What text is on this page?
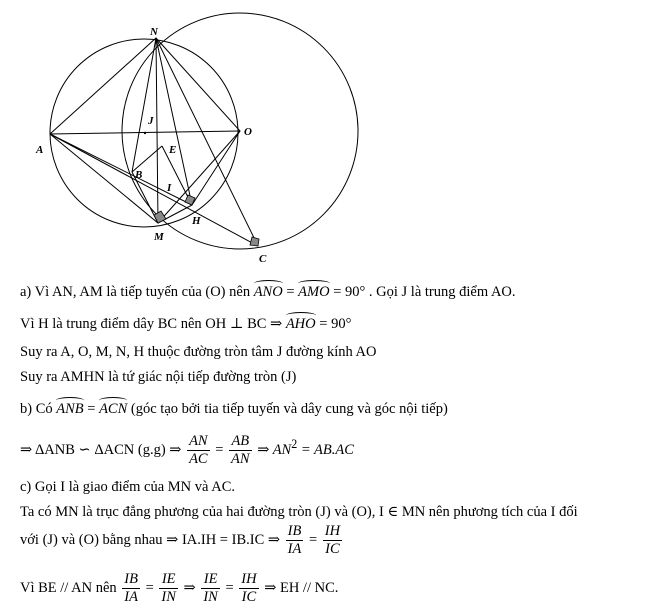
N
A
O
J
E
B
I
H
M
C
a) Vì AN, AM là tiếp tuyến của (O) nên ANO = AMO = 90° . Gọi J là trung điểm AO.
Vì H là trung điểm dây BC nên OH ⊥ BC ⇒ AHO = 90°
Suy ra A, O, M, N, H thuộc đường tròn tâm J đường kính AO
Suy ra AMHN là tứ giác nội tiếp đường tròn (J)
b) Có ANB = ACN (góc tạo bởi tia tiếp tuyến và dây cung và góc nội tiếp)
⇒ ΔANB ∽ ΔACN (g.g) ⇒ $\frac{AN}{AC} = \frac{AB}{AN}$ ⇒ $AN^2 = AB.AC$
c) Gọi I là giao điểm của MN và AC.
Ta có MN là trục đẳng phương của hai đường tròn (J) và (O), I ∈ MN nên phương tích của I đối
với (J) và (O) bằng nhau ⇒ IA.IH = IB.IC ⇒ $\frac{IB}{IA} = \frac{IH}{IC}$
Vì BE // AN nên $\frac{IB}{IA} = \frac{IE}{IN}$ ⇒ $\frac{IE}{IN} = \frac{IH}{IC}$ ⇒ EH // NC.
